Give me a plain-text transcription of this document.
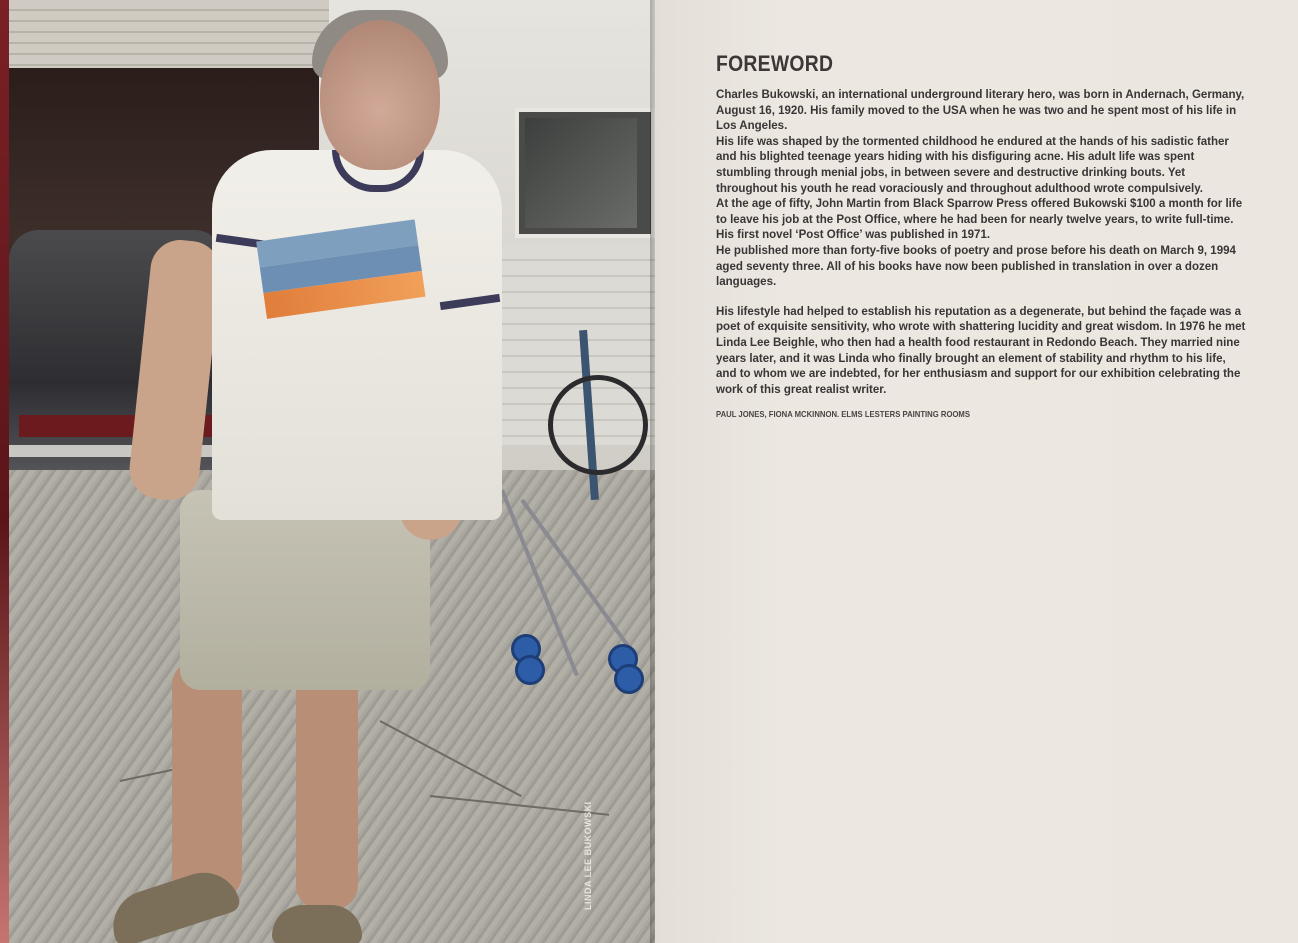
LINDA LEE BUKOWSKI
FOREWORD

Charles Bukowski, an international underground literary hero, was born in Andernach, Germany, August 16, 1920. His family moved to the USA when he was two and he spent most of his life in Los Angeles.

His life was shaped by the tormented childhood he endured at the hands of his sadistic father and his blighted teenage years hiding with his disfiguring acne. His adult life was spent stumbling through menial jobs, in between severe and destructive drinking bouts. Yet throughout his youth he read voraciously and throughout adulthood wrote compulsively.

At the age of fifty, John Martin from Black Sparrow Press offered Bukowski $100 a month for life to leave his job at the Post Office, where he had been for nearly twelve years, to write full-time. His first novel ‘Post Office’ was published in 1971.

He published more than forty-five books of poetry and prose before his death on March 9, 1994 aged seventy three. All of his books have now been published in translation in over a dozen languages.

His lifestyle had helped to establish his reputation as a degenerate, but behind the façade was a poet of exquisite sensitivity, who wrote with shattering lucidity and great wisdom. In 1976 he met Linda Lee Beighle, who then had a health food restaurant in Redondo Beach. They married nine years later, and it was Linda who finally brought an element of stability and rhythm to his life, and to whom we are indebted, for her enthusiasm and support for our exhibition celebrating the work of this great realist writer.

PAUL JONES, FIONA MCKINNON. ELMS LESTERS PAINTING ROOMS
